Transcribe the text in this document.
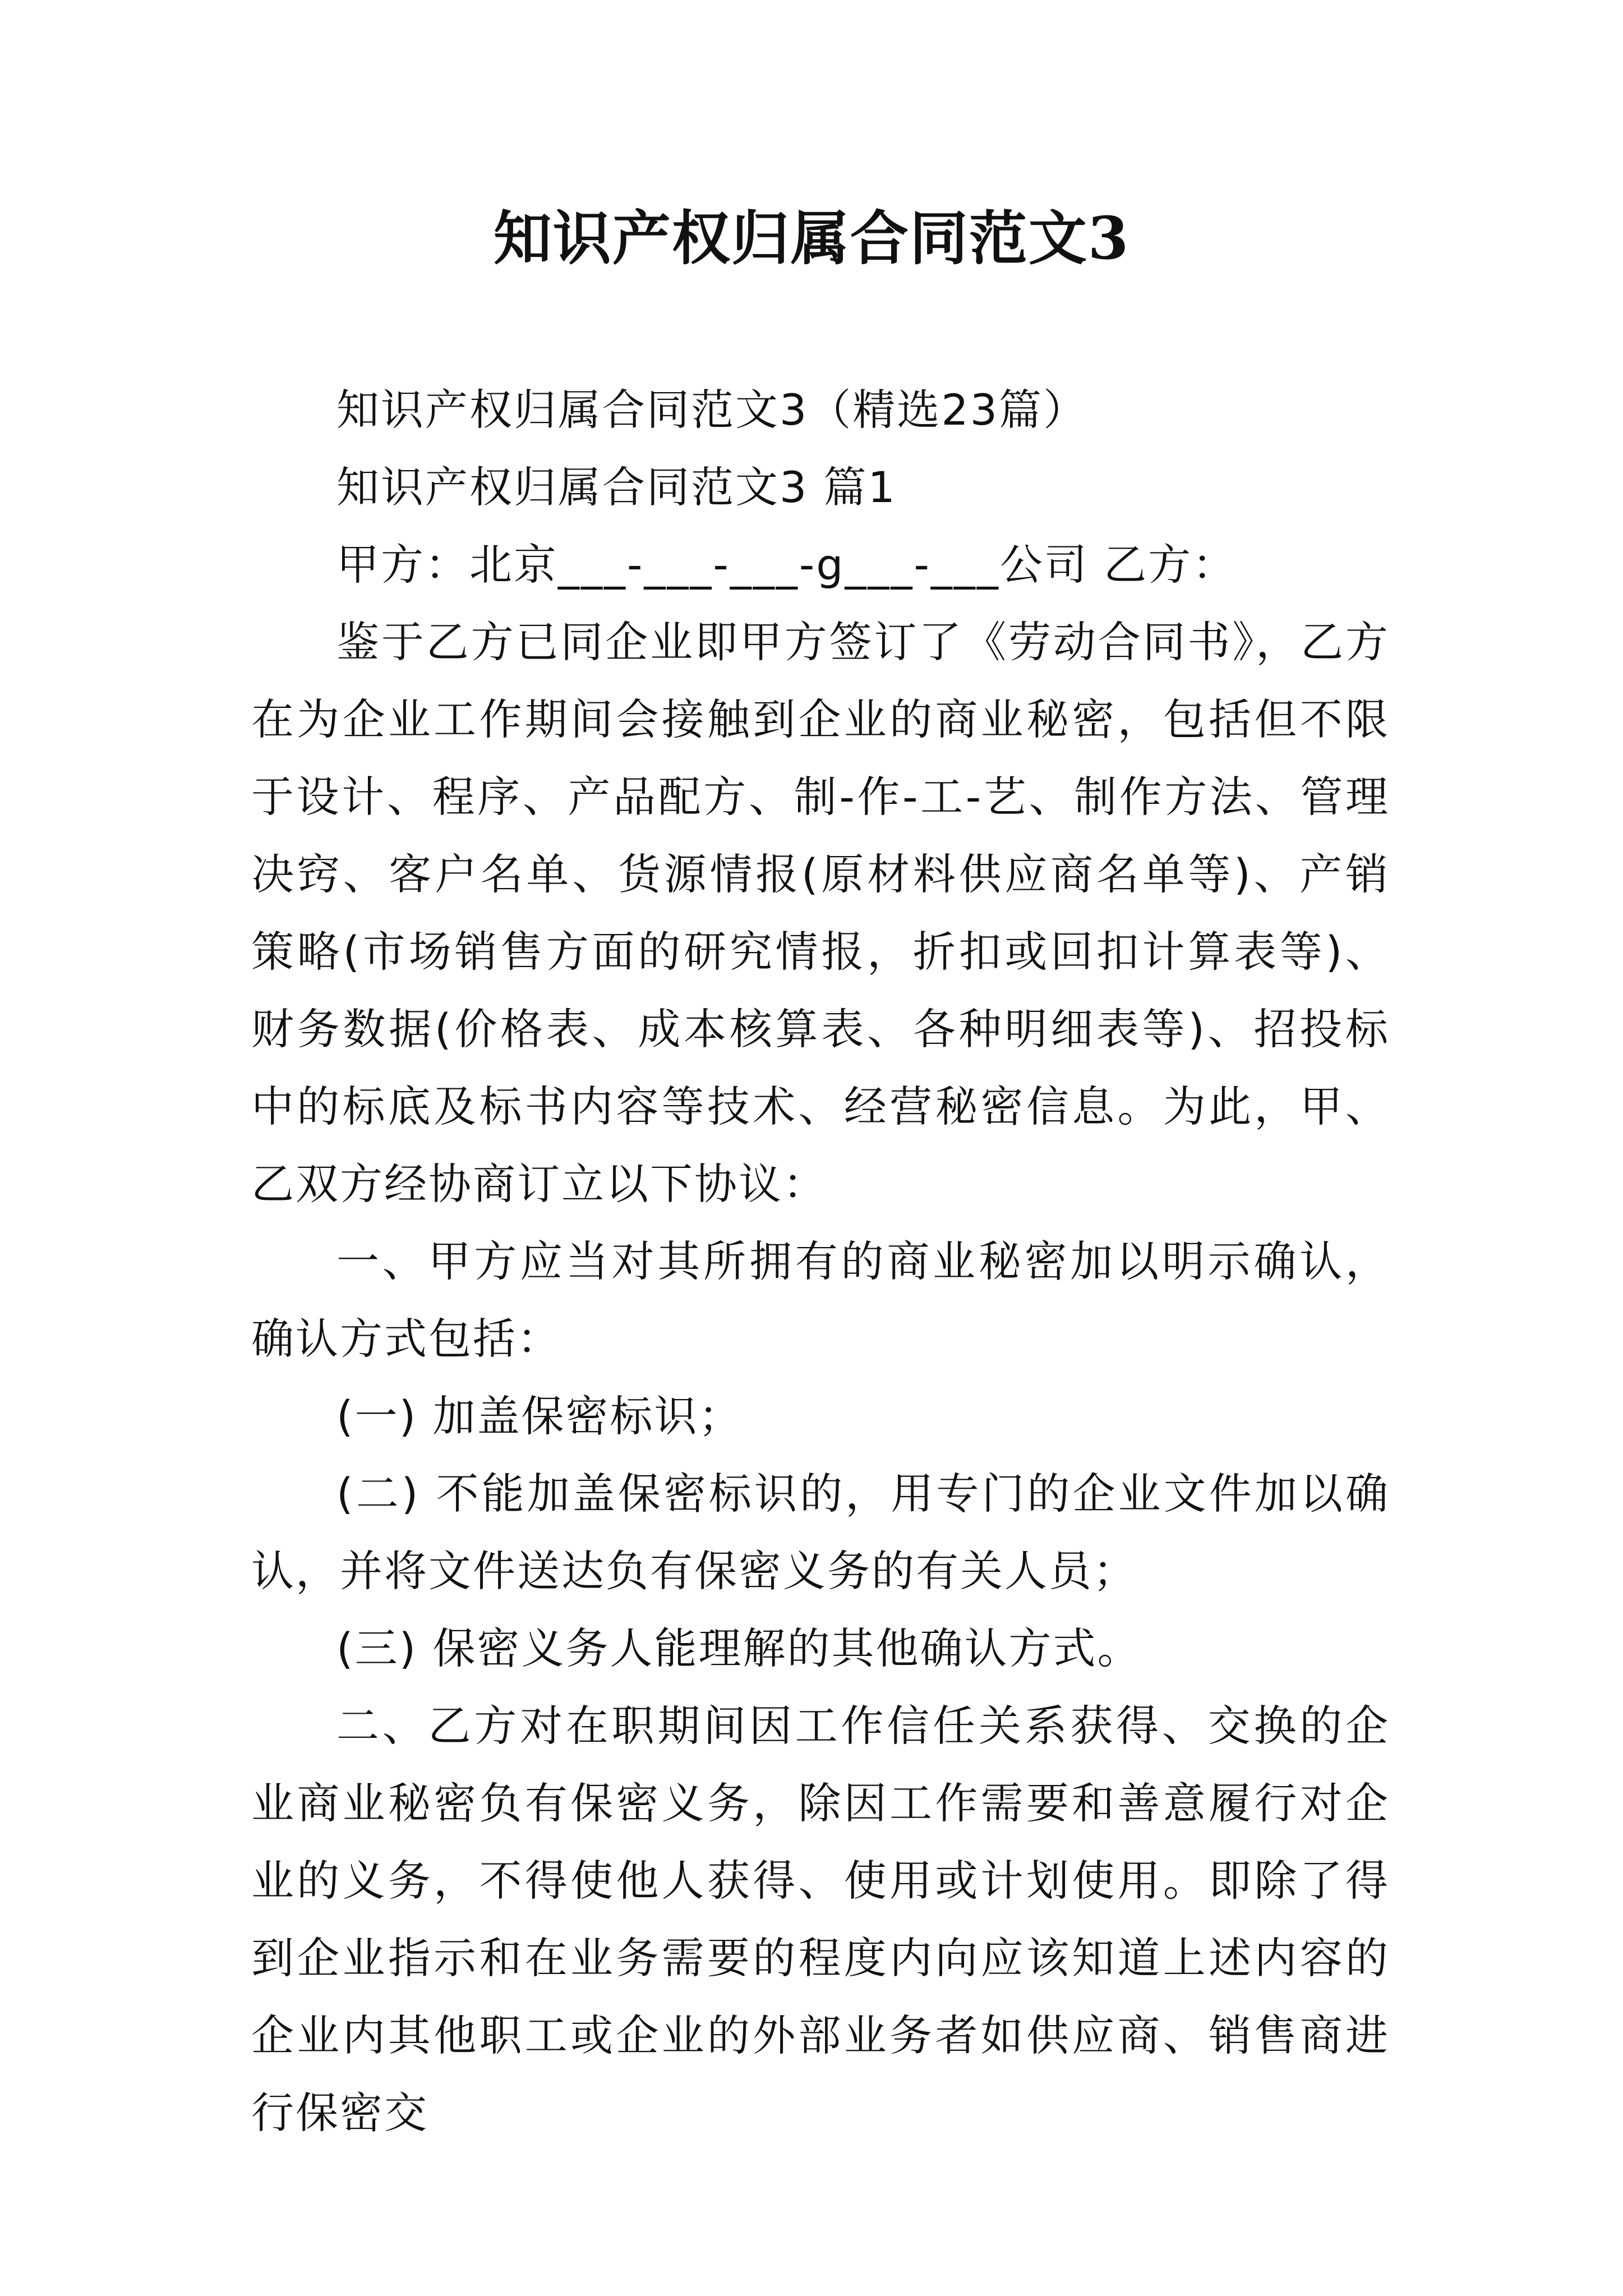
知识产权归属合同范文3

知识产权归属合同范文3（精选23篇）

知识产权归属合同范文3 篇1

甲方：北京___-___-___-g___-___公司 乙方：

鉴于乙方已同企业即甲方签订了《劳动合同书》，乙方在为企业工作期间会接触到企业的商业秘密，包括但不限于设计、程序、产品配方、制-作-工-艺、制作方法、管理决窍、客户名单、货源情报(原材料供应商名单等)、产销策略(市场销售方面的研究情报，折扣或回扣计算表等)、财务数据(价格表、成本核算表、各种明细表等)、招投标中的标底及标书内容等技术、经营秘密信息。为此，甲、乙双方经协商订立以下协议：

一、甲方应当对其所拥有的商业秘密加以明示确认，确认方式包括：

(一) 加盖保密标识；

(二) 不能加盖保密标识的，用专门的企业文件加以确认，并将文件送达负有保密义务的有关人员；

(三) 保密义务人能理解的其他确认方式。

二、乙方对在职期间因工作信任关系获得、交换的企业商业秘密负有保密义务，除因工作需要和善意履行对企业的义务，不得使他人获得、使用或计划使用。即除了得到企业指示和在业务需要的程度内向应该知道上述内容的企业内其他职工或企业的外部业务者如供应商、销售商进行保密交
